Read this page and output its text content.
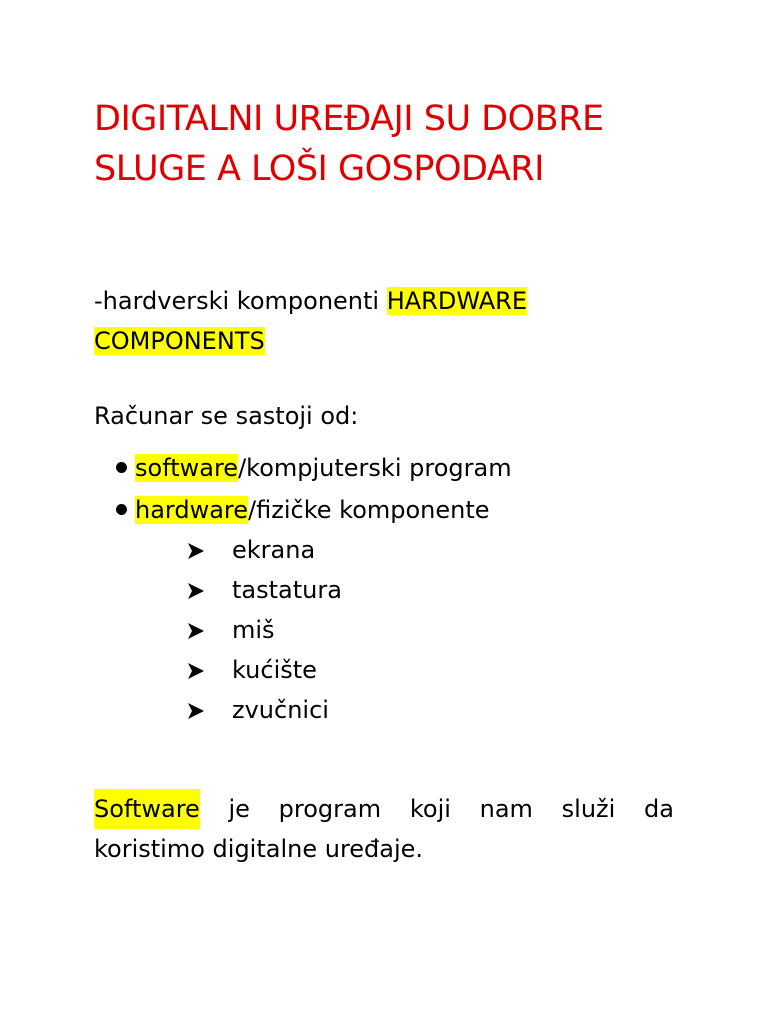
DIGITALNI UREĐAJI SU DOBRE
SLUGE A LOŠI GOSPODARI
-hardverski komponenti HARDWARE
COMPONENTS
Računar se sastoji od:
software/kompjuterski program
hardware/fizičke komponente
ekrana
tastatura
miš
kućište
zvučnici
Software je program koji nam služi da
koristimo digitalne uređaje.
